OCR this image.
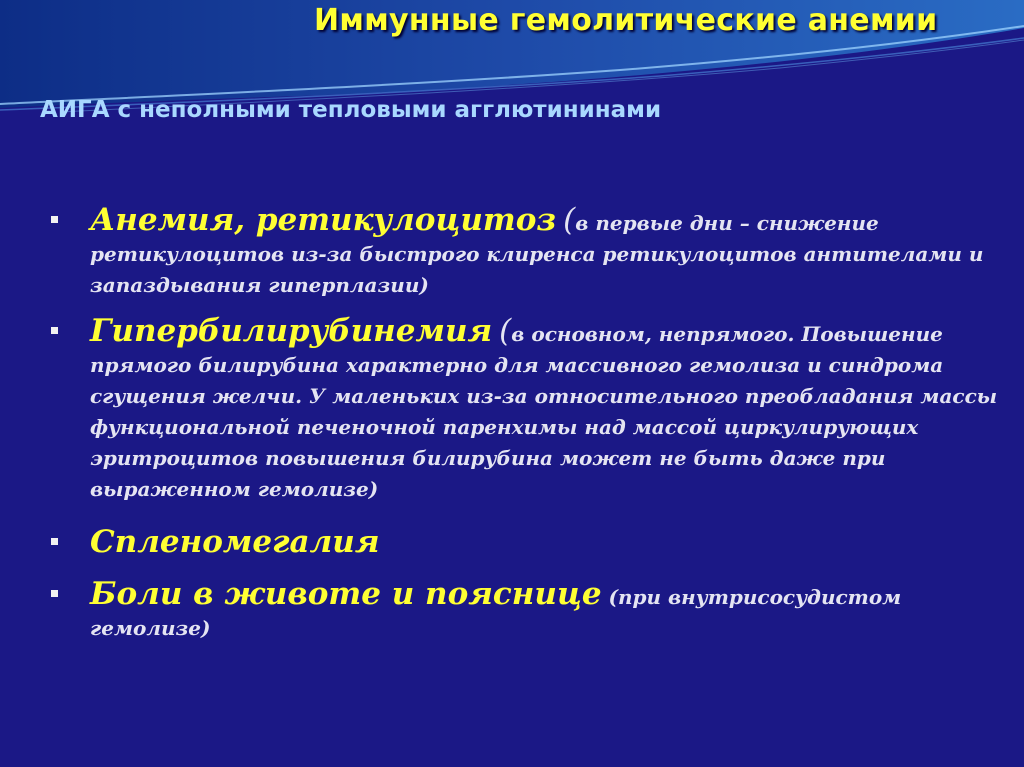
Иммунные гемолитические анемии
АИГА с неполными тепловыми агглютининами
Анемия, ретикулоцитоз (в первые дни – снижение ретикулоцитов из-за быстрого клиренса ретикулоцитов антителами и запаздывания гиперплазии)
Гипербилирубинемия (в основном, непрямого. Повышение прямого билирубина характерно для массивного гемолиза и синдрома сгущения желчи. У маленьких из-за относительного преобладания массы функциональной печеночной паренхимы над массой циркулирующих эритроцитов повышения билирубина может не быть даже при выраженном гемолизе)
Спленомегалия
Боли в животе и пояснице (при внутрисосудистом гемолизе)
